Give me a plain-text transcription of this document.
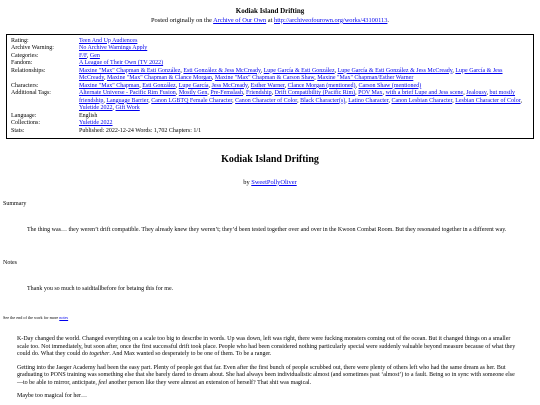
Kodiak Island Drifting
Posted originally on the Archive of Our Own at http://archiveofourown.org/works/43100113.
Rating:	Teen And Up Audiences
Archive Warning:	No Archive Warnings Apply
Categories:	F/F, Gen
Fandom:	A League of Their Own (TV 2022)
Relationships:	Maxine "Max" Chapman & Esti González, Esti González & Jess McCready, Lupe García & Esti González, Lupe García & Esti González & Jess McCready, Lupe García & Jess McCready, Maxine "Max" Chapman & Clance Morgan, Maxine "Max" Chapman & Carson Shaw, Maxine "Max" Chapman/Esther Warner
Characters:	Maxine "Max" Chapman, Esti González, Lupe García, Jess McCready, Esther Warner, Clance Morgan (mentioned), Carson Shaw (mentioned)
Additional Tags:	Alternate Universe - Pacific Rim Fusion, Mostly Gen, Pre-Femslash, Friendship, Drift Compatibility (Pacific Rim), POV Max, with a brief Lupe and Jess scene, Jealousy, but mostly friendship, Language Barrier, Canon LGBTQ Female Character, Canon Character of Color, Black Character(s), Latino Character, Canon Lesbian Character, Lesbian Character of Color, Yuletide 2022, Gift Work
Language:	English
Collections:	Yuletide 2022
Stats:	Published: 2022-12-24 Words: 1,702 Chapters: 1/1
Kodiak Island Drifting
by SweetPollyOliver
Summary
The thing was… they weren’t drift compatible. They already knew they weren’t; they’d been tested together over and over in the Kwoon Combat Room. But they resonated together in a different way.
Notes
Thank you so much to saiditallbefore for betaing this for me.
See the end of the work for more notes

K-Day changed the world. Changed everything on a scale too big to describe in words. Up was down, left was right, there were fucking monsters coming out of the ocean. But it changed things on a smaller scale too. Not immediately, but soon after, once the first successful drift took place. People who had been considered nothing particularly special were suddenly valuable beyond measure because of what they could do. What they could do together. And Max wanted so desperately to be one of them. To be a ranger.

Getting into the Jaeger Academy had been the easy part. Plenty of people got that far. Even after the first bunch of people scrubbed out, there were plenty of others left who had the same dream as her. But graduating to PONS training was something else that she barely dared to dream about. She had always been individualistic almost (and sometimes past ‘almost’) to a fault. Being so in sync with someone else—to be able to mirror, anticipate, feel another person like they were almost an extension of herself? That shit was magical.

Maybe too magical for her…
